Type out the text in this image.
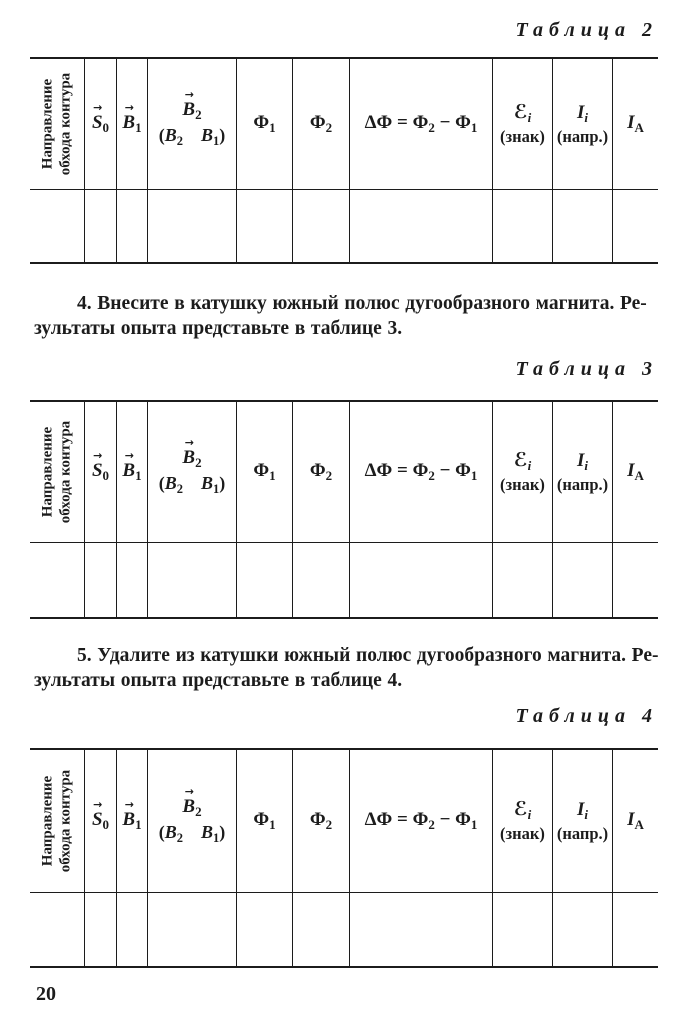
Таблица 2
Направление обхода контура →
$S_0$
→
$B_1$
→
$B_2$
($B_2$ $B_1$)
$\Phi_1$ $\Phi_2$ $\Delta\Phi = \Phi_2 - \Phi_1$
ℰ$_i$
(знак)
$I_i$
(напр.)
$I_А$
4. Внесите в катушку южный полюс дугообразного магнита. Ре-
зультаты опыта представьте в таблице 3.
Таблица 3
Направление обхода контура →
$S_0$
→
$B_1$
→
$B_2$
($B_2$ $B_1$)
$\Phi_1$ $\Phi_2$ $\Delta\Phi = \Phi_2 - \Phi_1$
ℰ$_i$
(знак)
$I_i$
(напр.)
$I_А$
5. Удалите из катушки южный полюс дугообразного магнита. Ре-
зультаты опыта представьте в таблице 4.
Таблица 4
Направление обхода контура →
$S_0$
→
$B_1$
→
$B_2$
($B_2$ $B_1$)
$\Phi_1$ $\Phi_2$ $\Delta\Phi = \Phi_2 - \Phi_1$
ℰ$_i$
(знак)
$I_i$
(напр.)
$I_А$
20
